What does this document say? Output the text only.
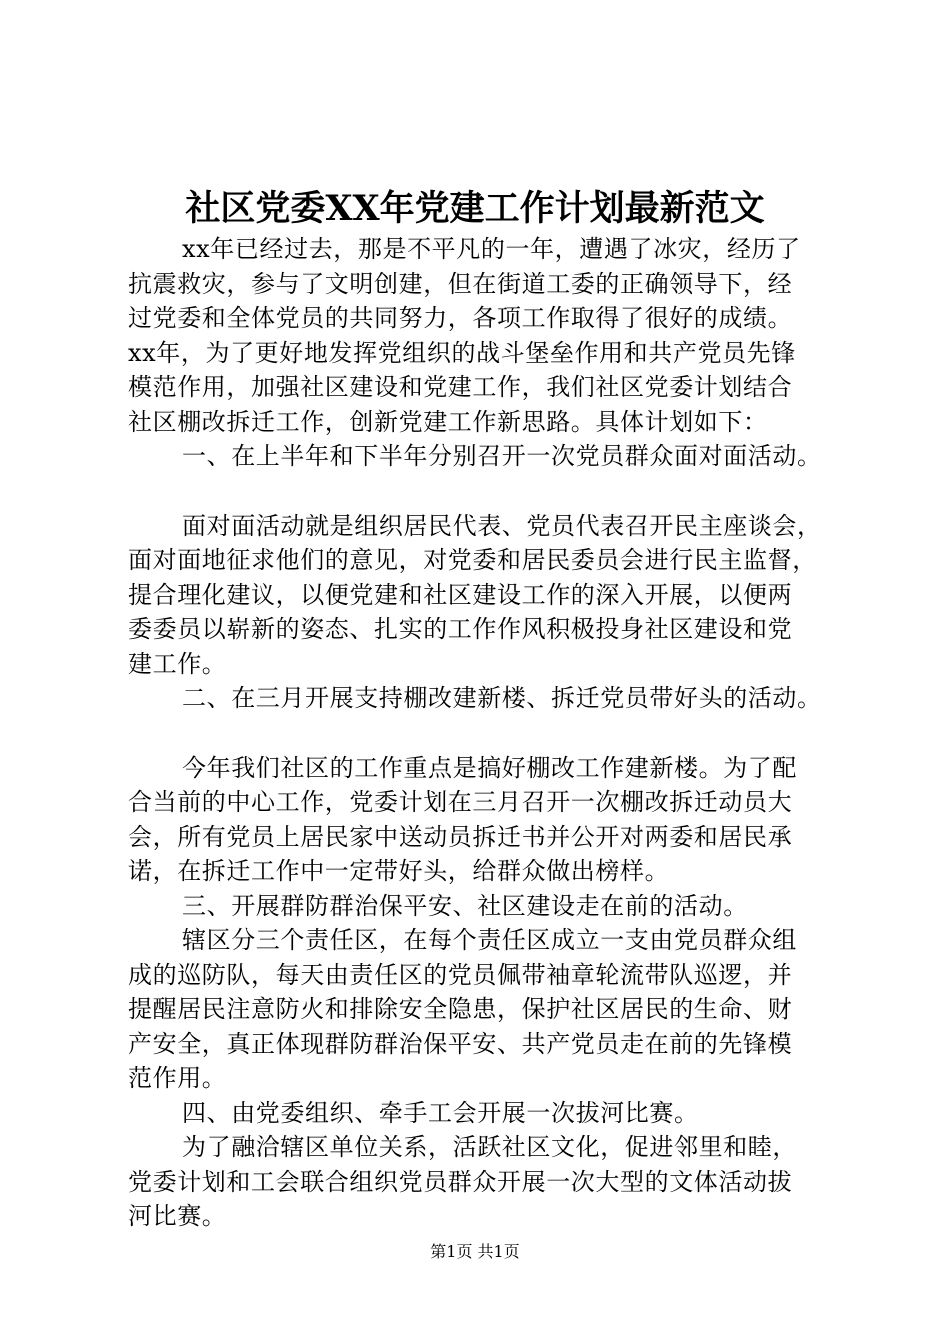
社区党委XX年党建工作计划最新范文
xx年已经过去，那是不平凡的一年，遭遇了冰灾，经历了
抗震救灾，参与了文明创建，但在街道工委的正确领导下，经
过党委和全体党员的共同努力，各项工作取得了很好的成绩。
xx年，为了更好地发挥党组织的战斗堡垒作用和共产党员先锋
模范作用，加强社区建设和党建工作，我们社区党委计划结合
社区棚改拆迁工作，创新党建工作新思路。具体计划如下：
一、在上半年和下半年分别召开一次党员群众面对面活动。
面对面活动就是组织居民代表、党员代表召开民主座谈会，
面对面地征求他们的意见，对党委和居民委员会进行民主监督，
提合理化建议，以便党建和社区建设工作的深入开展，以便两
委委员以崭新的姿态、扎实的工作作风积极投身社区建设和党
建工作。
二、在三月开展支持棚改建新楼、拆迁党员带好头的活动。
今年我们社区的工作重点是搞好棚改工作建新楼。为了配
合当前的中心工作，党委计划在三月召开一次棚改拆迁动员大
会，所有党员上居民家中送动员拆迁书并公开对两委和居民承
诺，在拆迁工作中一定带好头，给群众做出榜样。
三、开展群防群治保平安、社区建设走在前的活动。
辖区分三个责任区，在每个责任区成立一支由党员群众组
成的巡防队，每天由责任区的党员佩带袖章轮流带队巡逻，并
提醒居民注意防火和排除安全隐患，保护社区居民的生命、财
产安全，真正体现群防群治保平安、共产党员走在前的先锋模
范作用。
四、由党委组织、牵手工会开展一次拔河比赛。
为了融洽辖区单位关系，活跃社区文化，促进邻里和睦，
党委计划和工会联合组织党员群众开展一次大型的文体活动拔
河比赛。
第1页 共1页
